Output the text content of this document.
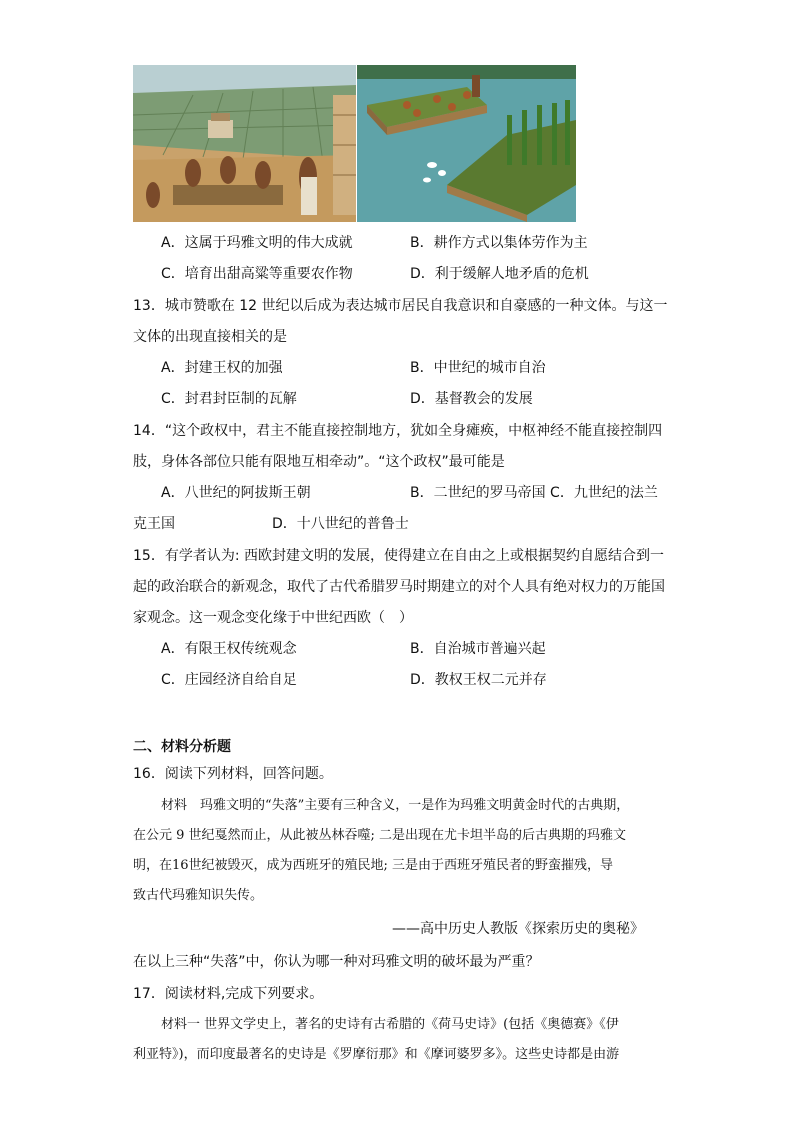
A．这属于玛雅文明的伟大成就	B．耕作方式以集体劳作为主
C．培育出甜高粱等重要农作物	D．利于缓解人地矛盾的危机
13．城市赞歌在 12 世纪以后成为表达城市居民自我意识和自豪感的一种文体。与这一
文体的出现直接相关的是
A．封建王权的加强	B．中世纪的城市自治
C．封君封臣制的瓦解	D．基督教会的发展
14．“这个政权中，君主不能直接控制地方，犹如全身瘫痪，中枢神经不能直接控制四
肢，身体各部位只能有限地互相牵动”。“这个政权”最可能是
A．八世纪的阿拔斯王朝	B．二世纪的罗马帝国 C．九世纪的法兰
克王国	D．十八世纪的普鲁士
15．有学者认为: 西欧封建文明的发展，使得建立在自由之上或根据契约自愿结合到一
起的政治联合的新观念，取代了古代希腊罗马时期建立的对个人具有绝对权力的万能国
家观念。这一观念变化缘于中世纪西欧（　）
A．有限王权传统观念	B．自治城市普遍兴起
C．庄园经济自给自足	D．教权王权二元并存
二、材料分析题
16．阅读下列材料，回答问题。
材料　玛雅文明的“失落”主要有三种含义，一是作为玛雅文明黄金时代的古典期，
在公元 9 世纪戛然而止，从此被丛林吞噬; 二是出现在尤卡坦半岛的后古典期的玛雅文
明，在16世纪被毁灭，成为西班牙的殖民地; 三是由于西班牙殖民者的野蛮摧残，导
致古代玛雅知识失传。
——高中历史人教版《探索历史的奥秘》
在以上三种“失落”中，你认为哪一种对玛雅文明的破坏最为严重？
17．阅读材料,完成下列要求。
材料一 世界文学史上，著名的史诗有古希腊的《荷马史诗》(包括《奥德赛》《伊
利亚特》)，而印度最著名的史诗是《罗摩衍那》和《摩诃婆罗多》。这些史诗都是由游
